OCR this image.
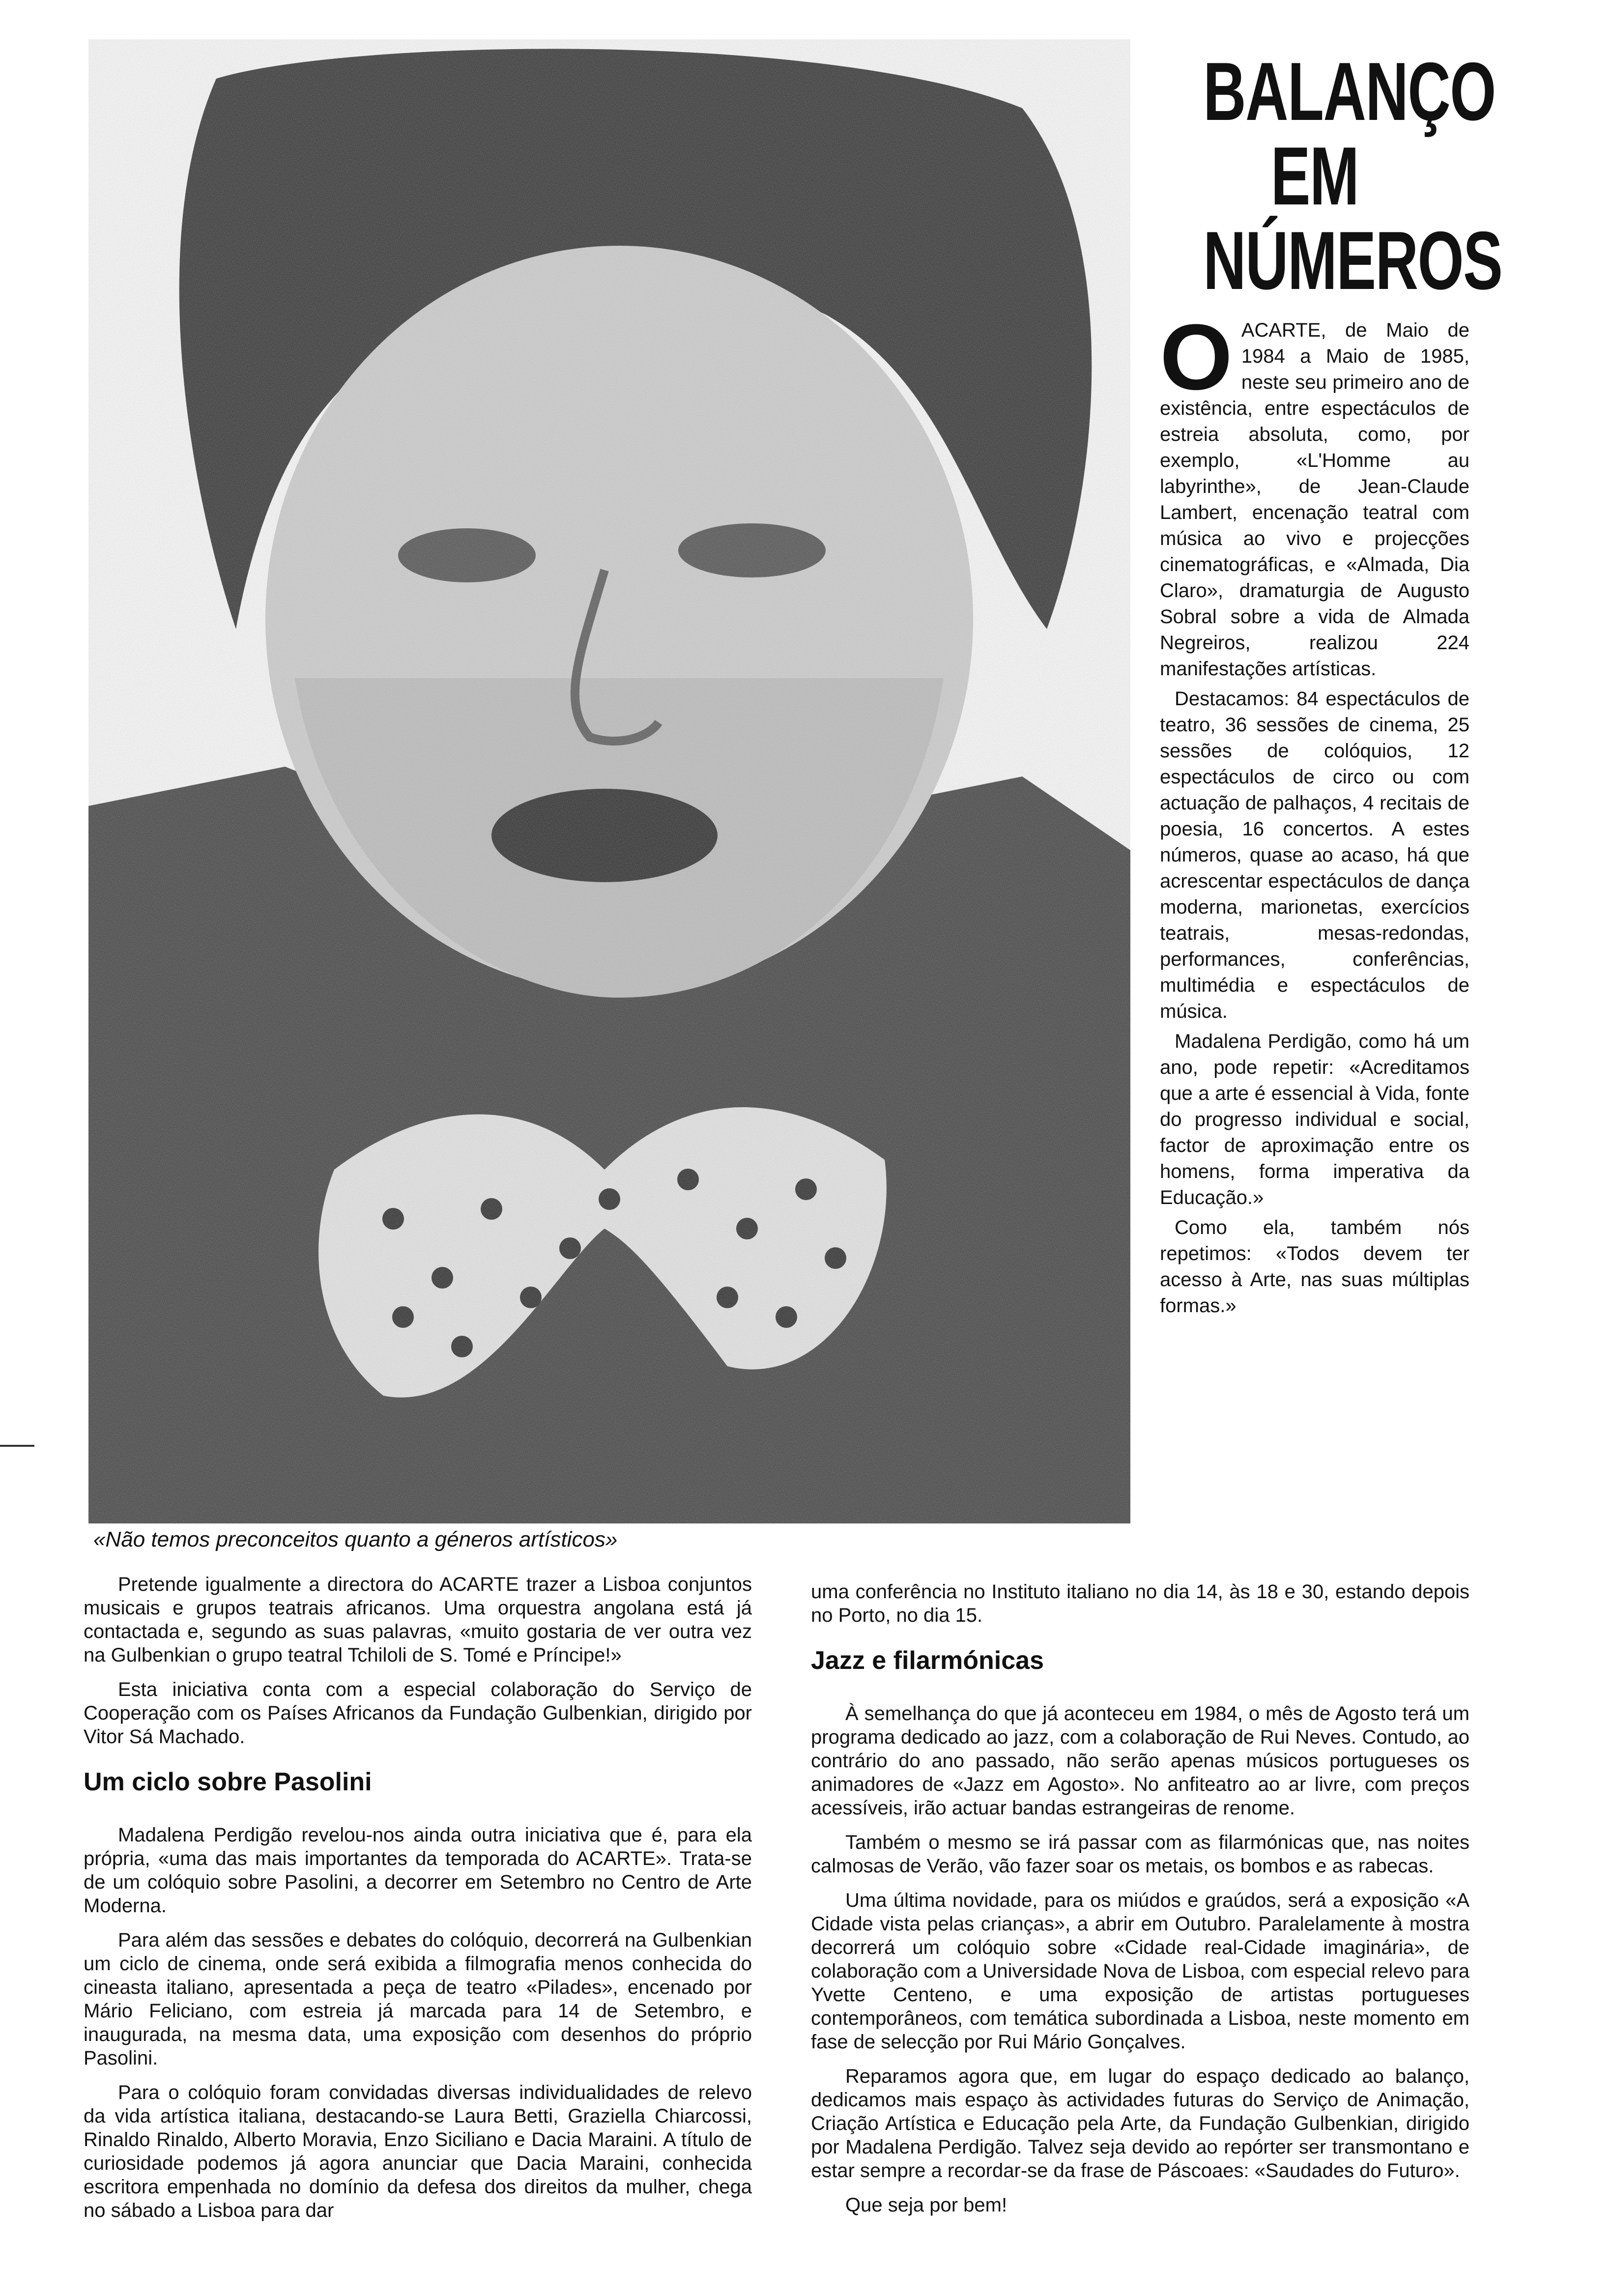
«Não temos preconceitos quanto a géneros artísticos»
BALANÇO
EM
NÚMEROS

OACARTE, de Maio de 1984 a Maio de 1985, neste seu primeiro ano de existência, entre espectáculos de estreia absoluta, como, por exemplo, «L'Homme au labyrinthe», de Jean-Claude Lambert, encenação teatral com música ao vivo e projecções cinematográficas, e «Almada, Dia Claro», dramaturgia de Augusto Sobral sobre a vida de Almada Negreiros, realizou 224 manifestações artísticas.

Destacamos: 84 espectáculos de teatro, 36 sessões de cinema, 25 sessões de colóquios, 12 espectáculos de circo ou com actuação de palhaços, 4 recitais de poesia, 16 concertos. A estes números, quase ao acaso, há que acrescentar espectáculos de dança moderna, marionetas, exercícios teatrais, mesas-redondas, performances, conferências, multimédia e espectáculos de música.

Madalena Perdigão, como há um ano, pode repetir: «Acreditamos que a arte é essencial à Vida, fonte do progresso individual e social, factor de aproximação entre os homens, forma imperativa da Educação.»

Como ela, também nós repetimos: «Todos devem ter acesso à Arte, nas suas múltiplas formas.»

Pretende igualmente a directora do ACARTE trazer a Lisboa conjuntos musicais e grupos teatrais africanos. Uma orquestra angolana está já contactada e, segundo as suas palavras, «muito gostaria de ver outra vez na Gulbenkian o grupo teatral Tchiloli de S. Tomé e Príncipe!»

Esta iniciativa conta com a especial colaboração do Serviço de Cooperação com os Países Africanos da Fundação Gulbenkian, dirigido por Vitor Sá Machado.

Um ciclo sobre Pasolini

Madalena Perdigão revelou-nos ainda outra iniciativa que é, para ela própria, «uma das mais importantes da temporada do ACARTE». Trata-se de um colóquio sobre Pasolini, a decorrer em Setembro no Centro de Arte Moderna.

Para além das sessões e debates do colóquio, decorrerá na Gulbenkian um ciclo de cinema, onde será exibida a filmografia menos conhecida do cineasta italiano, apresentada a peça de teatro «Pilades», encenado por Mário Feliciano, com estreia já marcada para 14 de Setembro, e inaugurada, na mesma data, uma exposição com desenhos do próprio Pasolini.

Para o colóquio foram convidadas diversas individualidades de relevo da vida artística italiana, destacando-se Laura Betti, Graziella Chiarcossi, Rinaldo Rinaldo, Alberto Moravia, Enzo Siciliano e Dacia Maraini. A título de curiosidade podemos já agora anunciar que Dacia Maraini, conhecida escritora empenhada no domínio da defesa dos direitos da mulher, chega no sábado a Lisboa para dar

uma conferência no Instituto italiano no dia 14, às 18 e 30, estando depois no Porto, no dia 15.

Jazz e filarmónicas

À semelhança do que já aconteceu em 1984, o mês de Agosto terá um programa dedicado ao jazz, com a colaboração de Rui Neves. Contudo, ao contrário do ano passado, não serão apenas músicos portugueses os animadores de «Jazz em Agosto». No anfiteatro ao ar livre, com preços acessíveis, irão actuar bandas estrangeiras de renome.

Também o mesmo se irá passar com as filarmónicas que, nas noites calmosas de Verão, vão fazer soar os metais, os bombos e as rabecas.

Uma última novidade, para os miúdos e graúdos, será a exposição «A Cidade vista pelas crianças», a abrir em Outubro. Paralelamente à mostra decorrerá um colóquio sobre «Cidade real-Cidade imaginária», de colaboração com a Universidade Nova de Lisboa, com especial relevo para Yvette Centeno, e uma exposição de artistas portugueses contemporâneos, com temática subordinada a Lisboa, neste momento em fase de selecção por Rui Mário Gonçalves.

Reparamos agora que, em lugar do espaço dedicado ao balanço, dedicamos mais espaço às actividades futuras do Serviço de Animação, Criação Artística e Educação pela Arte, da Fundação Gulbenkian, dirigido por Madalena Perdigão. Talvez seja devido ao repórter ser transmontano e estar sempre a recordar-se da frase de Páscoaes: «Saudades do Futuro».

Que seja por bem!
